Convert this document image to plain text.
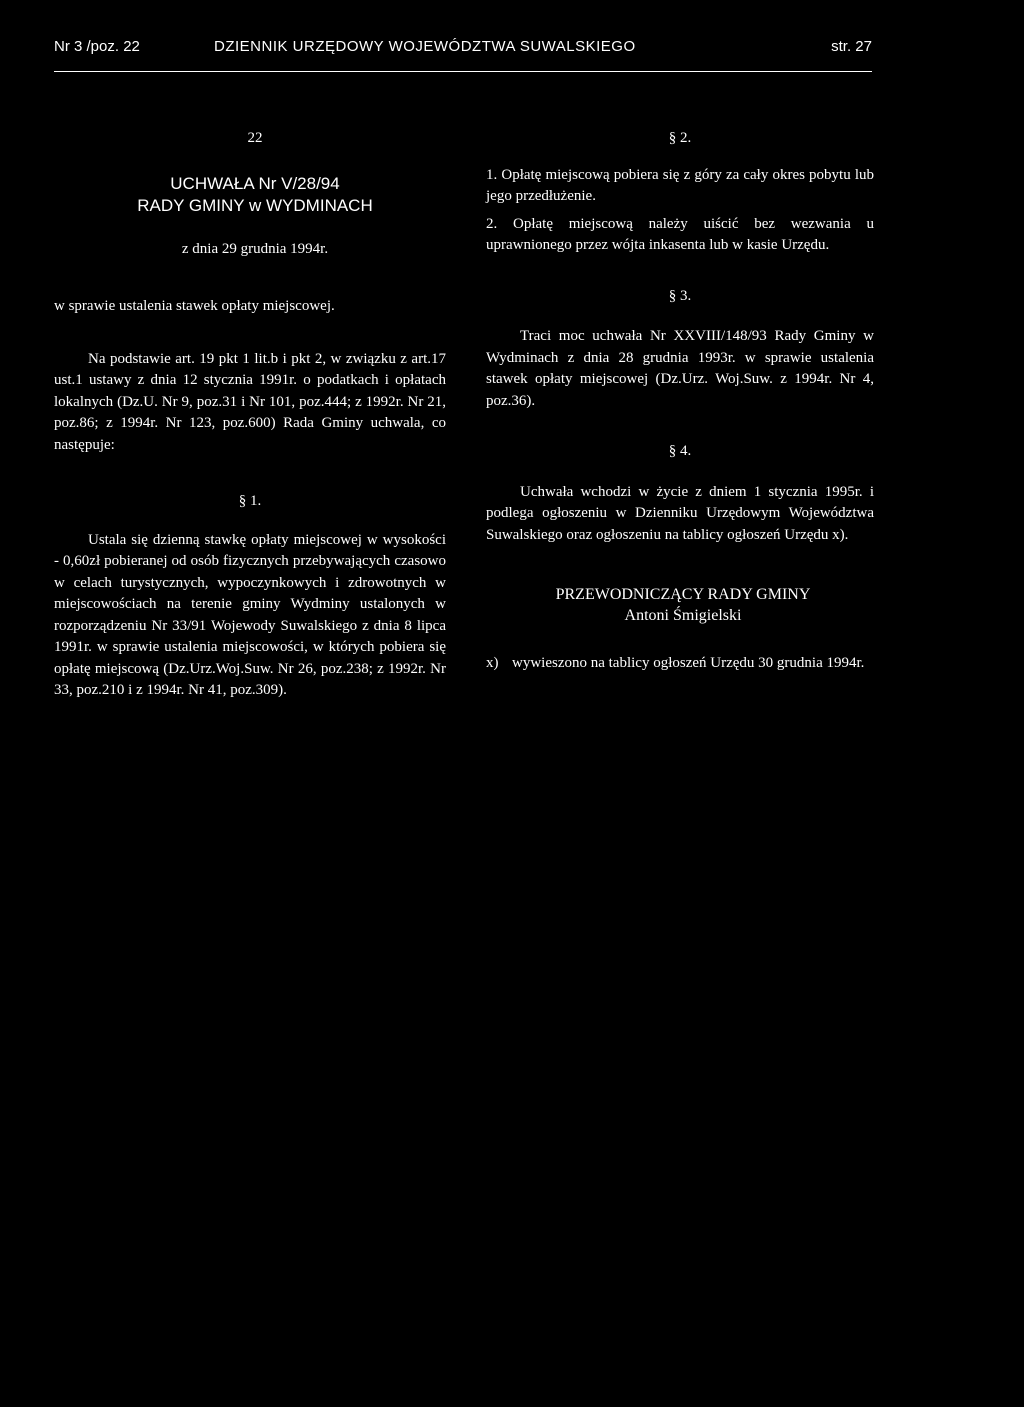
Nr 3 /poz. 22	DZIENNIK URZĘDOWY WOJEWÓDZTWA SUWALSKIEGO	str. 27
22
UCHWAŁA Nr V/28/94
RADY GMINY w WYDMINACH
z dnia 29 grudnia 1994r.
w sprawie ustalenia stawek opłaty miejscowej.
Na podstawie art. 19 pkt 1 lit.b i pkt 2, w związku z art.17 ust.1 ustawy z dnia 12 stycznia 1991r. o podatkach i opłatach lokalnych (Dz.U. Nr 9, poz.31 i Nr 101, poz.444; z 1992r. Nr 21, poz.86; z 1994r. Nr 123, poz.600) Rada Gminy uchwala, co następuje:
§ 1.
Ustala się dzienną stawkę opłaty miejscowej w wysokości - 0,60zł pobieranej od osób fizycznych przebywających czasowo w celach turystycznych, wypoczynkowych i zdrowotnych w miejscowościach na terenie gminy Wydminy ustalonych w rozporządzeniu Nr 33/91 Wojewody Suwalskiego z dnia 8 lipca 1991r. w sprawie ustalenia miejscowości, w których pobiera się opłatę miejscową (Dz.Urz.Woj.Suw. Nr 26, poz.238; z 1992r. Nr 33, poz.210 i z 1994r. Nr 41, poz.309).
§ 2.
1. Opłatę miejscową pobiera się z góry za cały okres pobytu lub jego przedłużenie.
2. Opłatę miejscową należy uiścić bez wezwania u uprawnionego przez wójta inkasenta lub w kasie Urzędu.
§ 3.
Traci moc uchwała Nr XXVIII/148/93 Rady Gminy w Wydminach z dnia 28 grudnia 1993r. w sprawie ustalenia stawek opłaty miejscowej (Dz.Urz. Woj.Suw. z 1994r. Nr 4, poz.36).
§ 4.
Uchwała wchodzi w życie z dniem 1 stycznia 1995r. i podlega ogłoszeniu w Dzienniku Urzędowym Województwa Suwalskiego oraz ogłoszeniu na tablicy ogłoszeń Urzędu x).
PRZEWODNICZĄCY RADY GMINY
Antoni Śmigielski
x) wywieszono na tablicy ogłoszeń Urzędu 30 grudnia 1994r.
